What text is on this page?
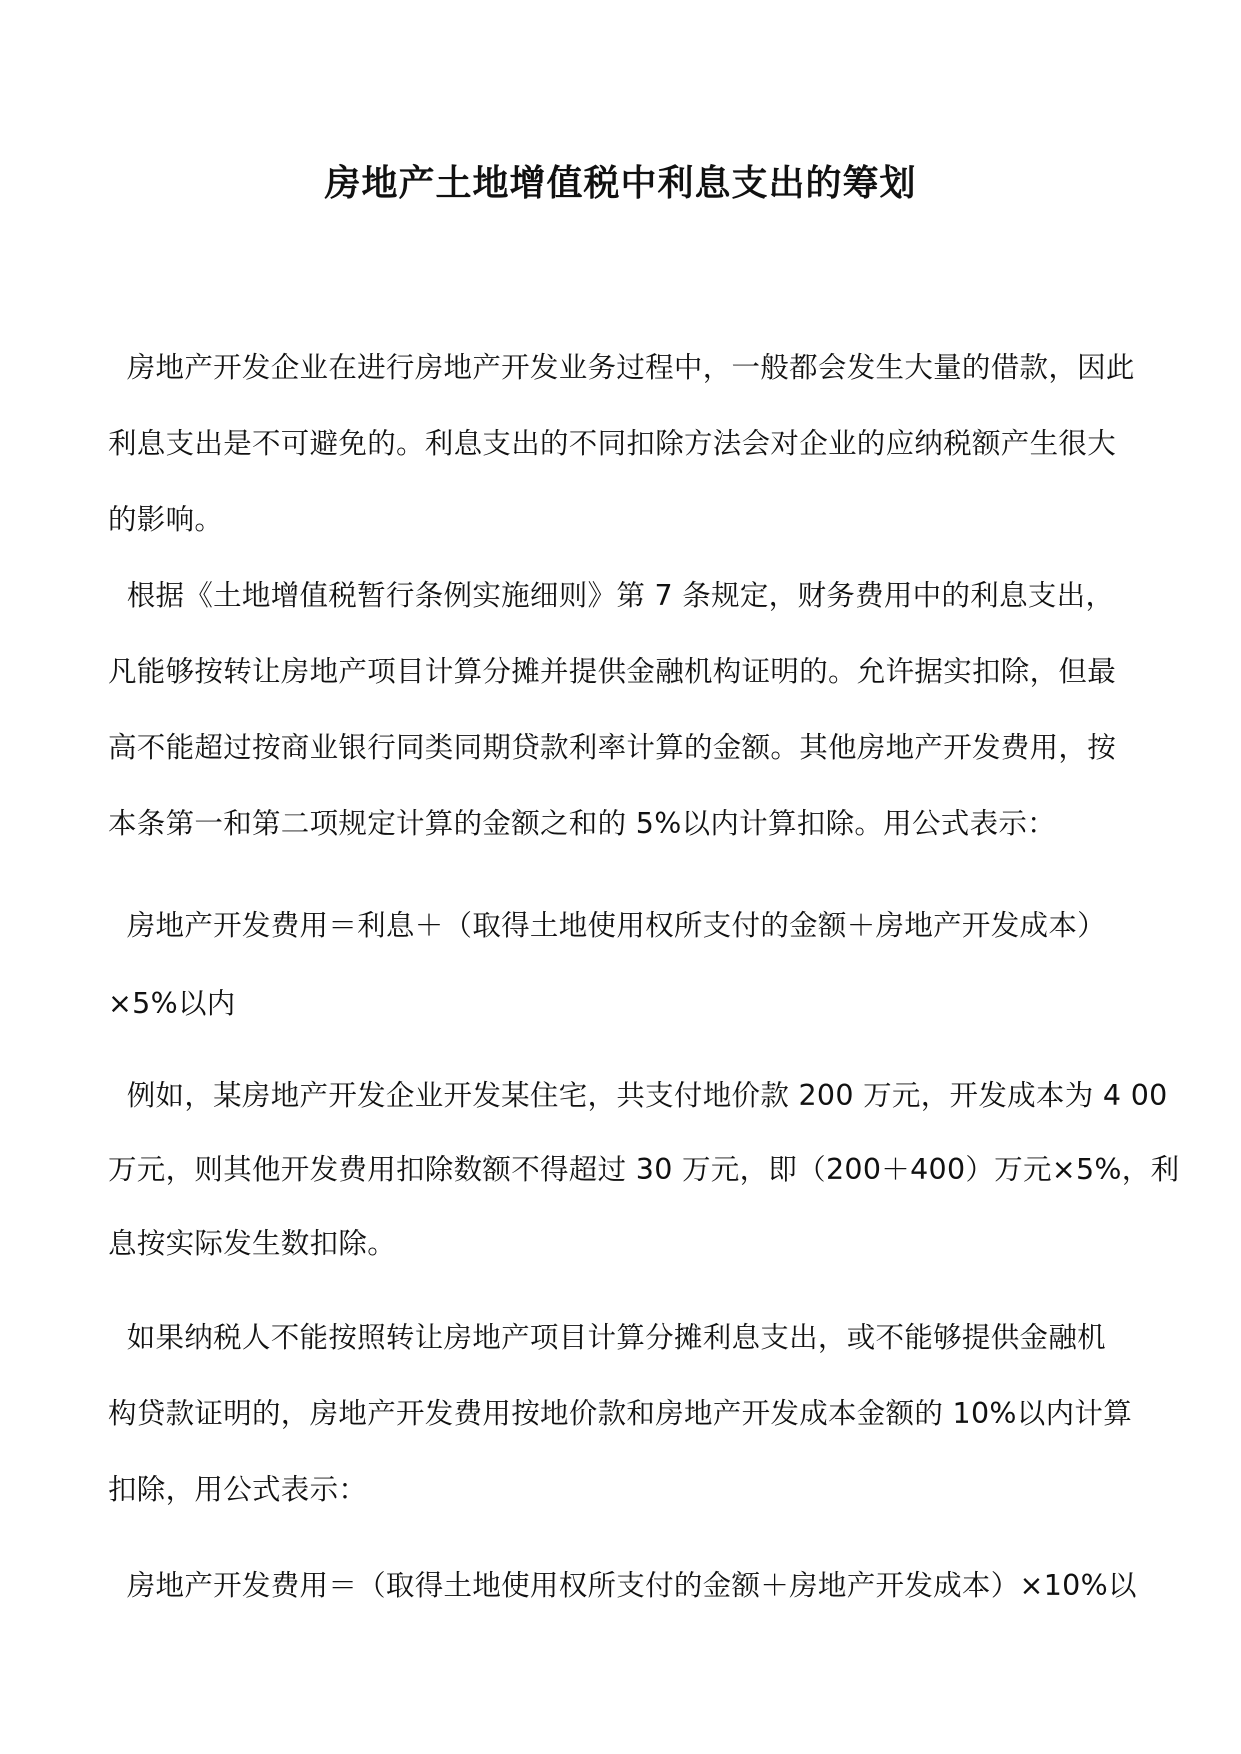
房地产土地增值税中利息支出的筹划
房地产开发企业在进行房地产开发业务过程中，一般都会发生大量的借款，因此
利息支出是不可避免的。利息支出的不同扣除方法会对企业的应纳税额产生很大
的影响。
根据《土地增值税暂行条例实施细则》第 7 条规定，财务费用中的利息支出，
凡能够按转让房地产项目计算分摊并提供金融机构证明的。允许据实扣除，但最
高不能超过按商业银行同类同期贷款利率计算的金额。其他房地产开发费用，按
本条第一和第二项规定计算的金额之和的 5%以内计算扣除。用公式表示：
房地产开发费用＝利息＋（取得土地使用权所支付的金额＋房地产开发成本）
×5%以内
例如，某房地产开发企业开发某住宅，共支付地价款 200 万元，开发成本为 4 00
万元，则其他开发费用扣除数额不得超过 30 万元，即（200＋400）万元×5%，利
息按实际发生数扣除。
如果纳税人不能按照转让房地产项目计算分摊利息支出，或不能够提供金融机
构贷款证明的，房地产开发费用按地价款和房地产开发成本金额的 10%以内计算
扣除，用公式表示：
房地产开发费用＝（取得土地使用权所支付的金额＋房地产开发成本）×10%以
